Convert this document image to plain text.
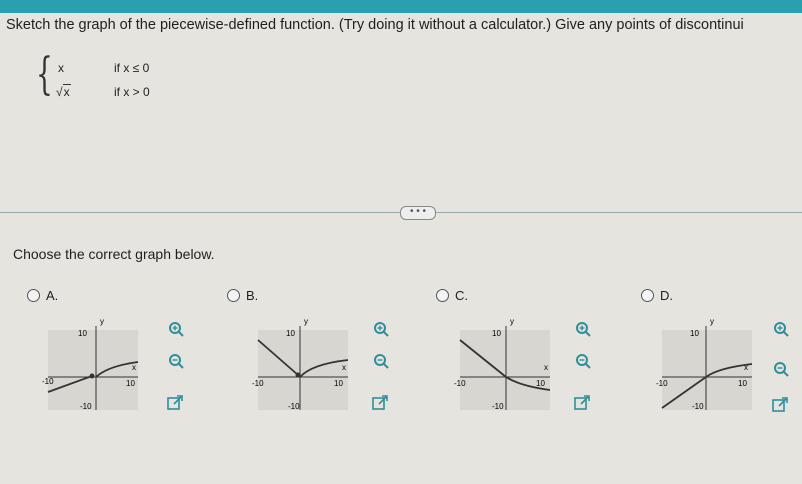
Sketch the graph of the piecewise-defined function. (Try doing it without a calculator.) Give any points of discontinui
{ x	if x ≤ 0
√x	if x > 0
• • •
Choose the correct graph below.
A.
y
x
-10	10
10
-10
B.
y
x
-10	10
10
-10
C.
y
x
-10	10
10
-10
D.
y
x
-10	10
10
-10
